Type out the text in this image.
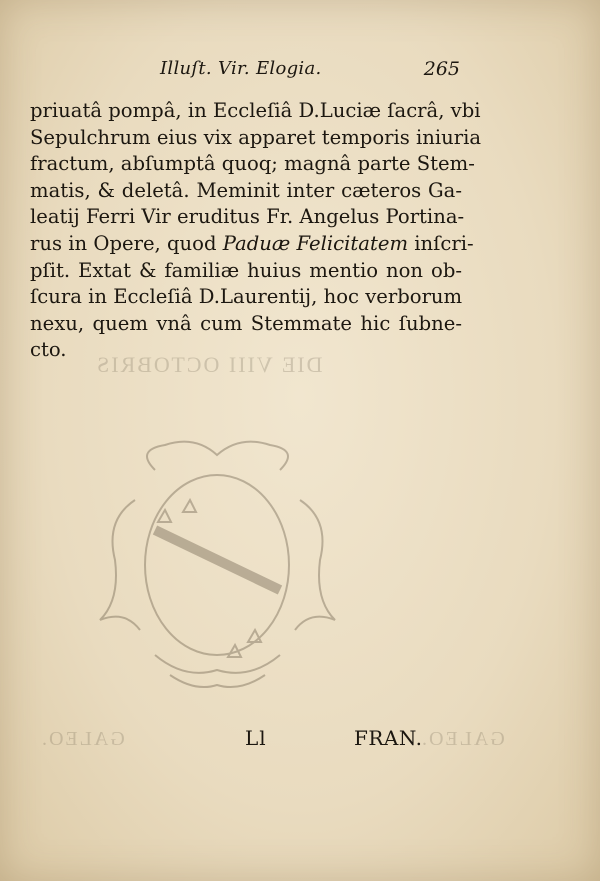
DIE VIII OCTOBRIS
GALEO.	GALEO.
Illuſt. Vir. Elogia.	265
priuatâ pompâ, in Eccleſiâ D.Luciæ ſacrâ, vbi
Sepulchrum eius vix apparet temporis iniuria
fractum, abſumptâ quoq; magnâ parte Stem-
matis, & deletâ. Meminit inter cæteros Ga-
leatij Ferri Vir eruditus Fr. Angelus Portina-
rus in Opere, quod Paduæ Felicitatem inſcri-
pſit. Extat & familiæ huius mentio non ob-
ſcura in Eccleſiâ D.Laurentij, hoc verborum
nexu, quem vnâ cum Stemmate hic ſubne-
cto.
Ll	FRAN.
